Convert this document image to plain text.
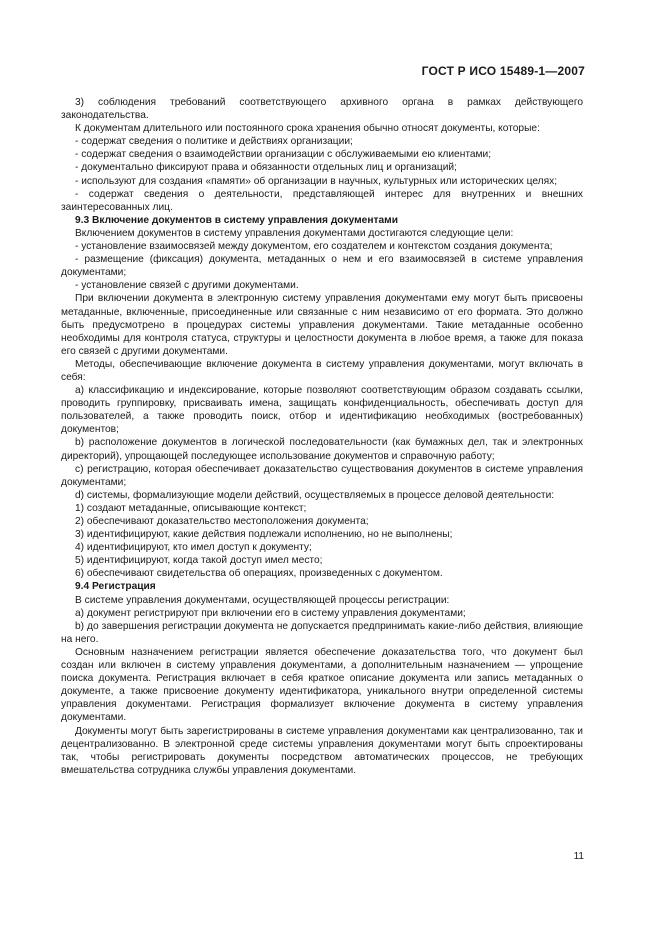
ГОСТ Р ИСО 15489-1—2007

3) соблюдения требований соответствующего архивного органа в рамках действующего законодательства.

К документам длительного или постоянного срока хранения обычно относят документы, которые:

- содержат сведения о политике и действиях организации;

- содержат сведения о взаимодействии организации с обслуживаемыми ею клиентами;

- документально фиксируют права и обязанности отдельных лиц и организаций;

- используют для создания «памяти» об организации в научных, культурных или исторических целях;

- содержат сведения о деятельности, представляющей интерес для внутренних и внешних заинтересованных лиц.

9.3 Включение документов в систему управления документами

Включением документов в систему управления документами достигаются следующие цели:

- установление взаимосвязей между документом, его создателем и контекстом создания документа;

- размещение (фиксация) документа, метаданных о нем и его взаимосвязей в системе управления документами;

- установление связей с другими документами.

При включении документа в электронную систему управления документами ему могут быть присвоены метаданные, включенные, присоединенные или связанные с ним независимо от его формата. Это должно быть предусмотрено в процедурах системы управления документами. Такие метаданные особенно необходимы для контроля статуса, структуры и целостности документа в любое время, а также для показа его связей с другими документами.

Методы, обеспечивающие включение документа в систему управления документами, могут включать в себя:

a) классификацию и индексирование, которые позволяют соответствующим образом создавать ссылки, проводить группировку, присваивать имена, защищать конфиденциальность, обеспечивать доступ для пользователей, а также проводить поиск, отбор и идентификацию необходимых (востребованных) документов;

b) расположение документов в логической последовательности (как бумажных дел, так и электронных директорий), упрощающей последующее использование документов и справочную работу;

c) регистрацию, которая обеспечивает доказательство существования документов в системе управления документами;

d) системы, формализующие модели действий, осуществляемых в процессе деловой деятельности:

1) создают метаданные, описывающие контекст;

2) обеспечивают доказательство местоположения документа;

3) идентифицируют, какие действия подлежали исполнению, но не выполнены;

4) идентифицируют, кто имел доступ к документу;

5) идентифицируют, когда такой доступ имел место;

6) обеспечивают свидетельства об операциях, произведенных с документом.

9.4 Регистрация

В системе управления документами, осуществляющей процессы регистрации:

a) документ регистрируют при включении его в систему управления документами;

b) до завершения регистрации документа не допускается предпринимать какие-либо действия, влияющие на него.

Основным назначением регистрации является обеспечение доказательства того, что документ был создан или включен в систему управления документами, а дополнительным назначением — упрощение поиска документа. Регистрация включает в себя краткое описание документа или запись метаданных о документе, а также присвоение документу идентификатора, уникального внутри определенной системы управления документами. Регистрация формализует включение документа в систему управления документами.

Документы могут быть зарегистрированы в системе управления документами как централизованно, так и децентрализованно. В электронной среде системы управления документами могут быть спроектированы так, чтобы регистрировать документы посредством автоматических процессов, не требующих вмешательства сотрудника службы управления документами.

11
